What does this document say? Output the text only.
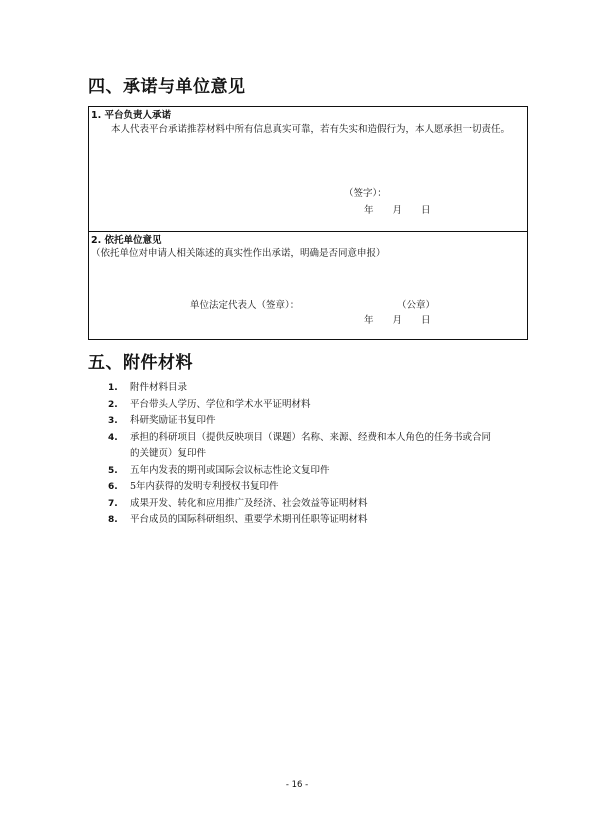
四、承诺与单位意见
1. 平台负责人承诺
本人代表平台承诺推荐材料中所有信息真实可靠，若有失实和造假行为，本人愿承担一切责任。
（签字）：
年　　月　　日
2. 依托单位意见
（依托单位对申请人相关陈述的真实性作出承诺，明确是否同意申报）
单位法定代表人（签章）：	（公章）
年　　月　　日
五、附件材料
1.	附件材料目录
2.	平台带头人学历、学位和学术水平证明材料
3.	科研奖励证书复印件
4.	承担的科研项目（提供反映项目（课题）名称、来源、经费和本人角色的任务书或合同的关键页）复印件
5.	五年内发表的期刊或国际会议标志性论文复印件
6.	5年内获得的发明专利授权书复印件
7.	成果开发、转化和应用推广及经济、社会效益等证明材料
8.	平台成员的国际科研组织、重要学术期刊任职等证明材料
- 16 -
